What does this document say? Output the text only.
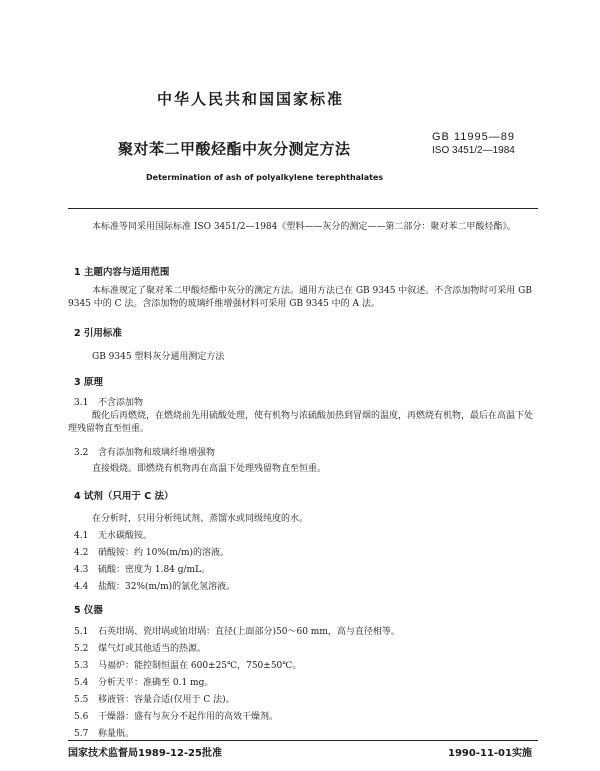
中华人民共和国国家标准
聚对苯二甲酸烃酯中灰分测定方法
GB 11995—89
ISO 3451/2—1984
Determination of ash of polyalkylene terephthalates
本标准等同采用国际标准 ISO 3451/2—1984《塑料——灰分的测定——第二部分：聚对苯二甲酸烃酯》。
1 主题内容与适用范围
本标准规定了聚对苯二甲酸烃酯中灰分的测定方法。通用方法已在 GB 9345 中叙述。不含添加物时可采用 GB 9345 中的 C 法。含添加物的玻璃纤维增强材料可采用 GB 9345 中的 A 法。
2 引用标准
GB 9345 塑料灰分通用测定方法
3 原理
3.1 不含添加物
酸化后再燃烧，在燃烧前先用硫酸处理，使有机物与浓硫酸加热到冒烟的温度，再燃烧有机物，最后在高温下处理残留物直至恒重。
3.2 含有添加物和玻璃纤维增强物
直接煅烧。即燃烧有机物再在高温下处理残留物直至恒重。
4 试剂（只用于 C 法）
在分析时，只用分析纯试剂、蒸馏水或同级纯度的水。
4.1 无水碳酸铵。
4.2 硝酸铵：约 10%(m/m)的溶液。
4.3 硫酸：密度为 1.84 g/mL。
4.4 盐酸：32%(m/m)的氯化氢溶液。
5 仪器
5.1 石英坩埚、瓷坩埚或铂坩埚：直径(上面部分)50～60 mm，高与直径相等。
5.2 煤气灯或其他适当的热源。
5.3 马福炉：能控制恒温在 600±25℃，750±50℃。
5.4 分析天平：准确至 0.1 mg。
5.5 移液管：容量合适(仅用于 C 法)。
5.6 干燥器：盛有与灰分不起作用的高效干燥剂。
5.7 称量瓶。
国家技术监督局1989-12-25批准	1990-11-01实施
